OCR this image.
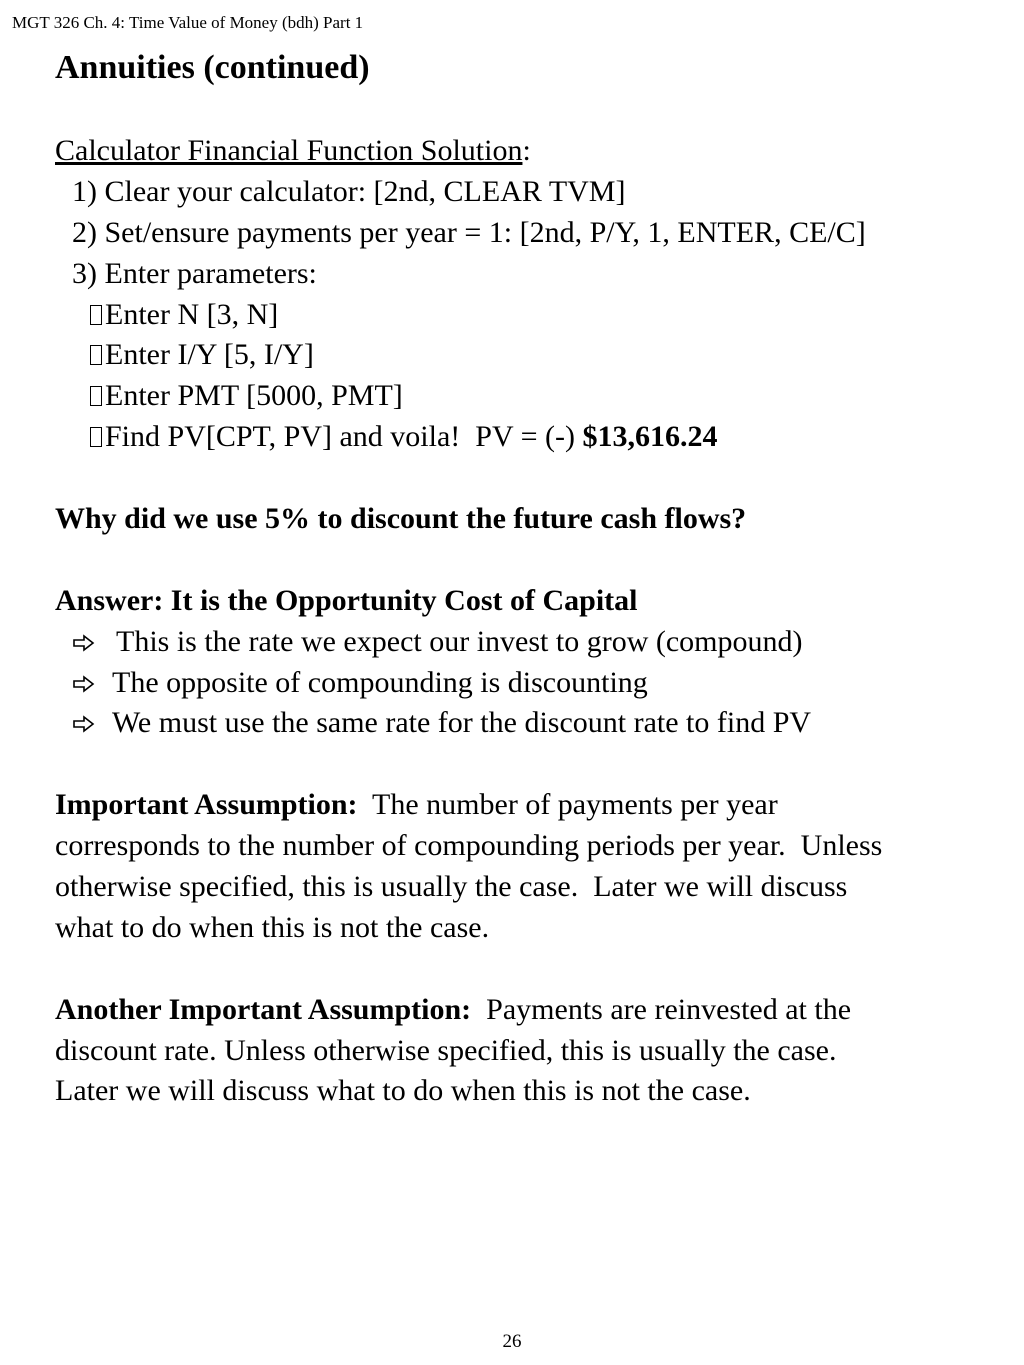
MGT 326 Ch. 4: Time Value of Money (bdh) Part 1
Annuities (continued)
Calculator Financial Function Solution:
1) Clear your calculator: [2nd, CLEAR TVM]
2) Set/ensure payments per year = 1: [2nd, P/Y, 1, ENTER, CE/C]
3) Enter parameters:
Enter N [3, N]
Enter I/Y [5, I/Y]
Enter PMT [5000, PMT]
Find PV[CPT, PV] and voila!  PV = (-) $13,616.24
Why did we use 5% to discount the future cash flows?
Answer: It is the Opportunity Cost of Capital
This is the rate we expect our invest to grow (compound)
The opposite of compounding is discounting
We must use the same rate for the discount rate to find PV
Important Assumption: The number of payments per year
corresponds to the number of compounding periods per year.  Unless
otherwise specified, this is usually the case.  Later we will discuss
what to do when this is not the case.
Another Important Assumption: Payments are reinvested at the
discount rate. Unless otherwise specified, this is usually the case.
Later we will discuss what to do when this is not the case.
26
